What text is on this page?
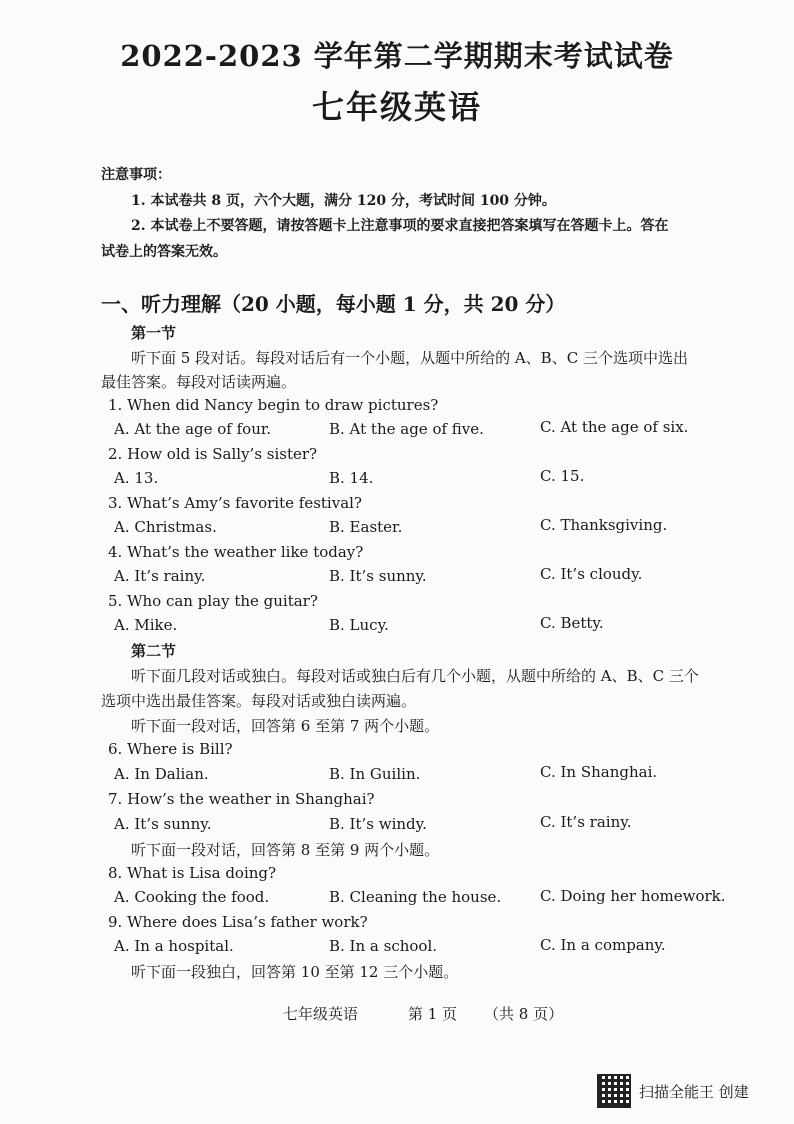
2022-2023 学年第二学期期末考试试卷
七年级英语
注意事项：
1. 本试卷共 8 页，六个大题，满分 120 分，考试时间 100 分钟。
2. 本试卷上不要答题，请按答题卡上注意事项的要求直接把答案填写在答题卡上。答在
试卷上的答案无效。
一、听力理解（20 小题，每小题 1 分，共 20 分）
第一节
听下面 5 段对话。每段对话后有一个小题，从题中所给的 A、B、C 三个选项中选出
最佳答案。每段对话读两遍。
1. When did Nancy begin to draw pictures?
A. At the age of four.	B. At the age of five.	C. At the age of six.
2. How old is Sally’s sister?
A. 13.	B. 14.	C. 15.
3. What’s Amy’s favorite festival?
A. Christmas.	B. Easter.	C. Thanksgiving.
4. What’s the weather like today?
A. It’s rainy.	B. It’s sunny.	C. It’s cloudy.
5. Who can play the guitar?
A. Mike.	B. Lucy.	C. Betty.
第二节
听下面几段对话或独白。每段对话或独白后有几个小题，从题中所给的 A、B、C 三个
选项中选出最佳答案。每段对话或独白读两遍。
听下面一段对话，回答第 6 至第 7 两个小题。
6. Where is Bill?
A. In Dalian.	B. In Guilin.	C. In Shanghai.
7. How’s the weather in Shanghai?
A. It’s sunny.	B. It’s windy.	C. It’s rainy.
听下面一段对话，回答第 8 至第 9 两个小题。
8. What is Lisa doing?
A. Cooking the food.	B. Cleaning the house.	C. Doing her homework.
9. Where does Lisa’s father work?
A. In a hospital.	B. In a school.	C. In a company.
听下面一段独白，回答第 10 至第 12 三个小题。
七年级英语	第 1 页 （共 8 页）
扫描全能王 创建
